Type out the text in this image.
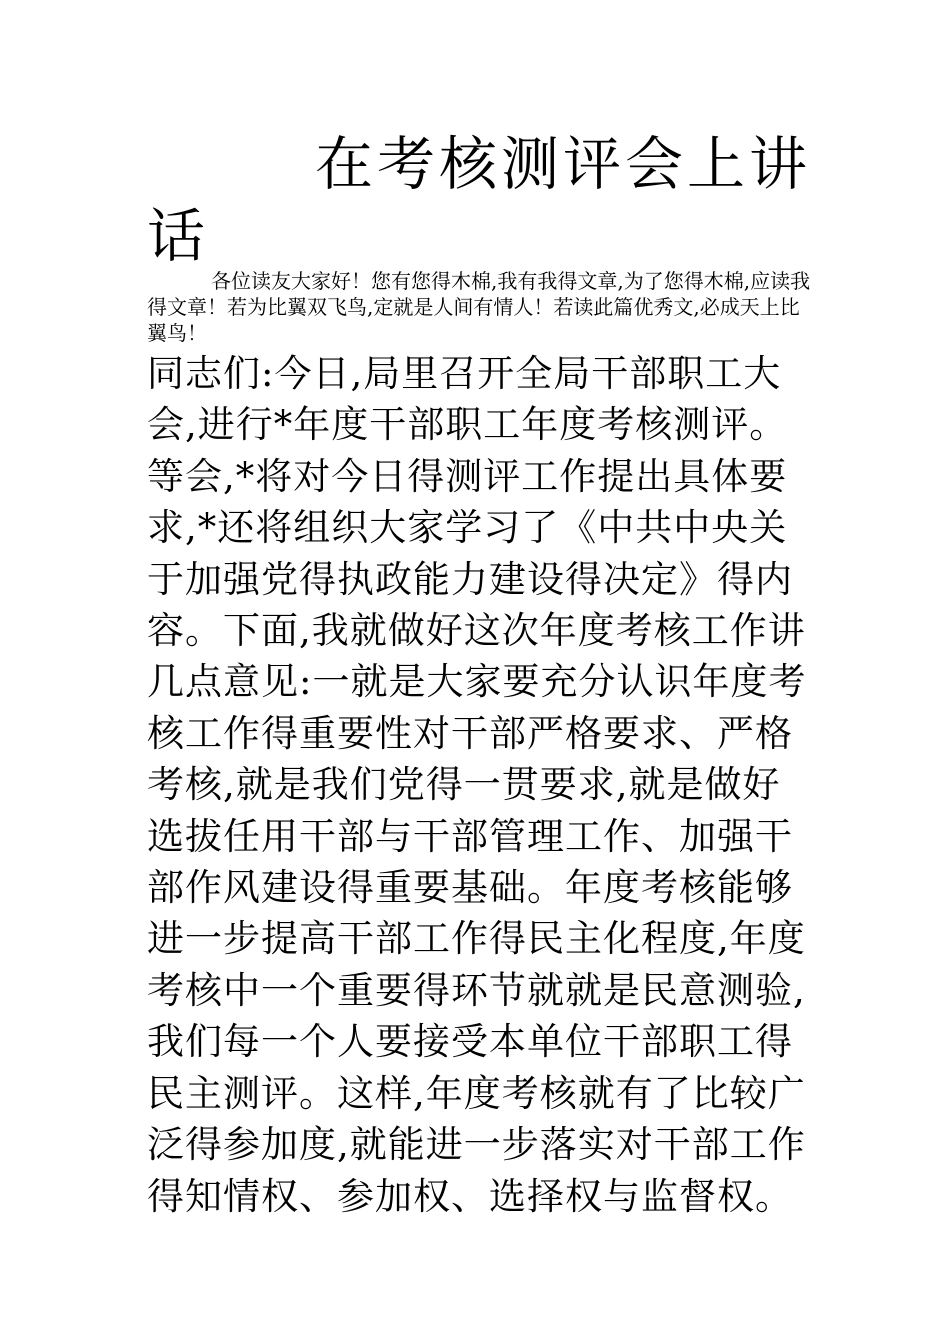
在考核测评会上讲话

各位读友大家好！您有您得木棉,我有我得文章,为了您得木棉,应读我得文章！若为比翼双飞鸟,定就是人间有情人！若读此篇优秀文,必成天上比翼鸟！

同志们:今日,局里召开全局干部职工大会,进行*年度干部职工年度考核测评。等会,*将对今日得测评工作提出具体要求,*还将组织大家学习了《中共中央关于加强党得执政能力建设得决定》得内容。下面,我就做好这次年度考核工作讲几点意见:一就是大家要充分认识年度考核工作得重要性对干部严格要求、严格考核,就是我们党得一贯要求,就是做好选拔任用干部与干部管理工作、加强干部作风建设得重要基础。年度考核能够进一步提高干部工作得民主化程度,年度考核中一个重要得环节就就是民意测验,我们每一个人要接受本单位干部职工得民主测评。这样,年度考核就有了比较广泛得参加度,就能进一步落实对干部工作得知情权、参加权、选择权与监督权。
